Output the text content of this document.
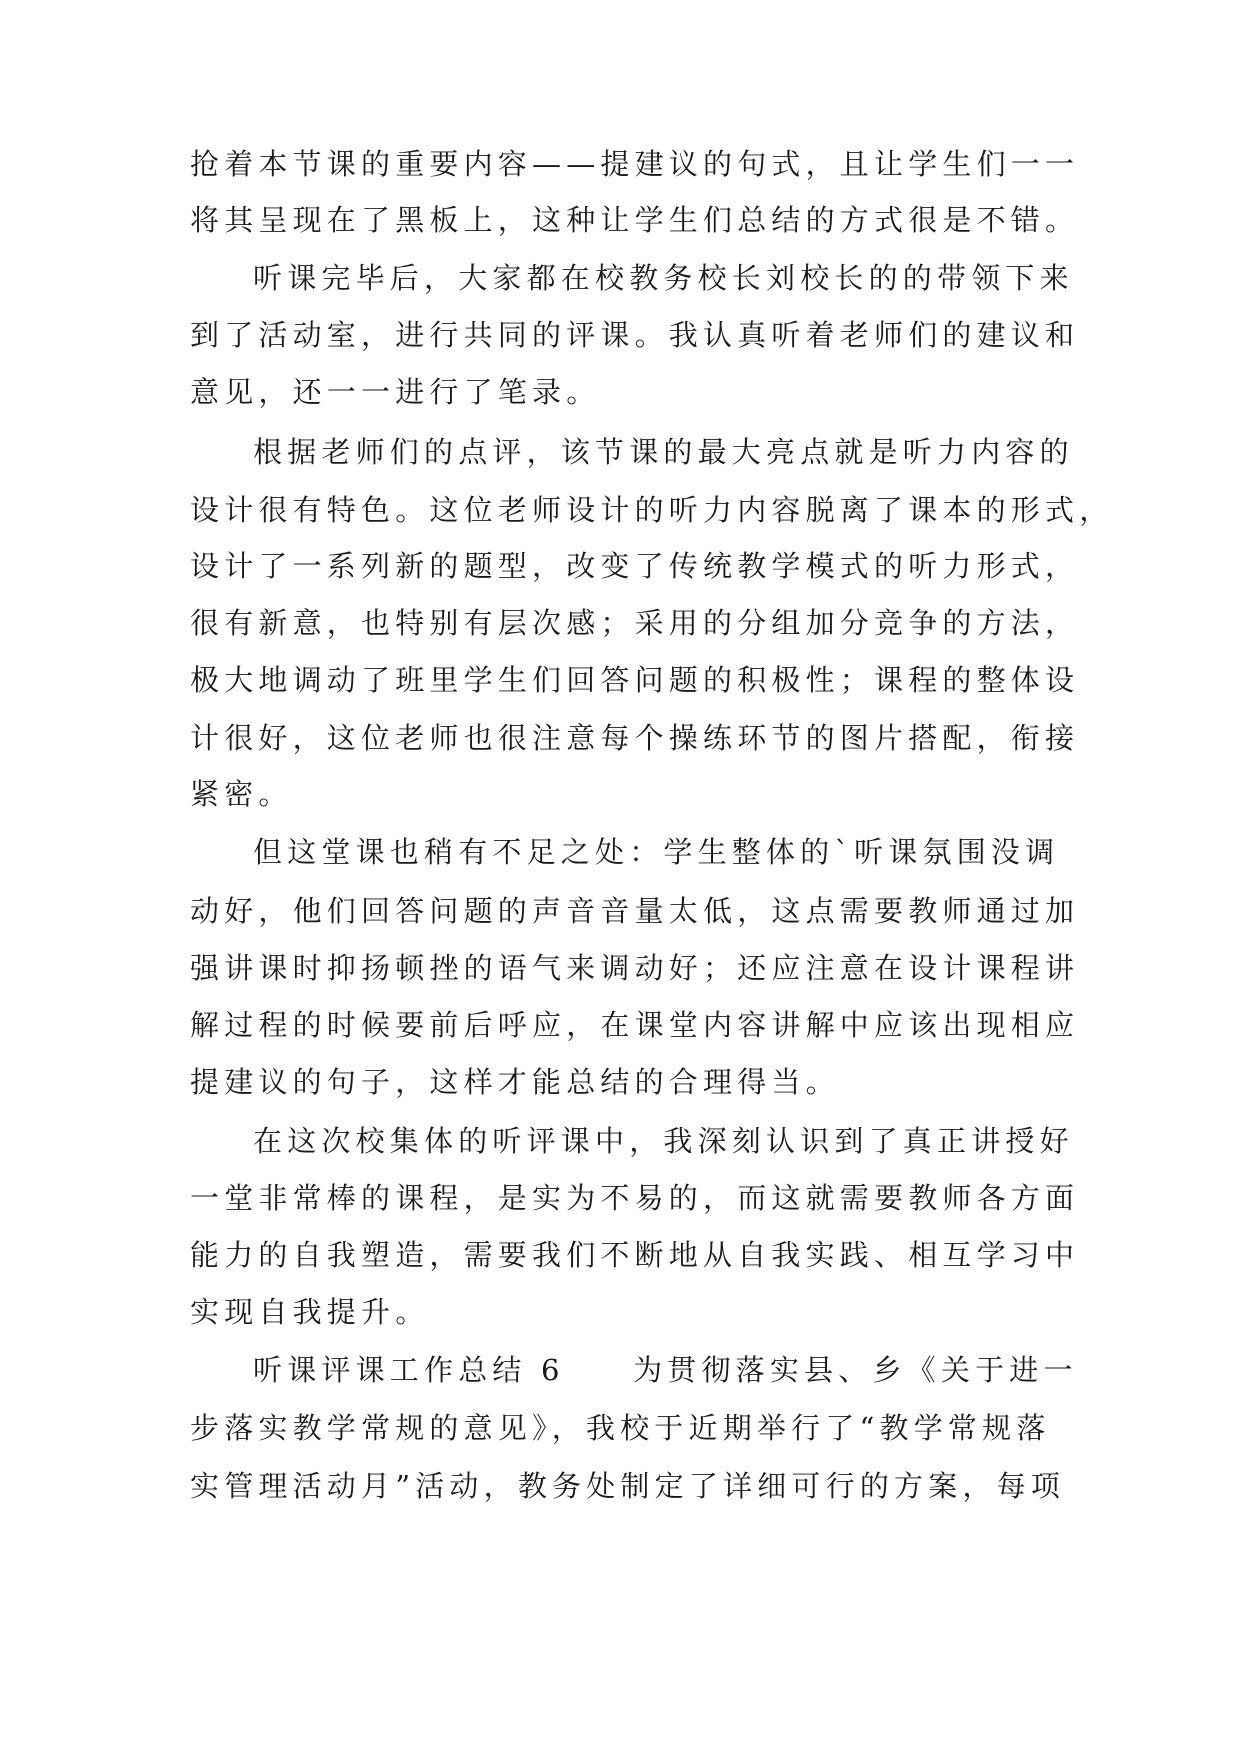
抢着本节课的重要内容——提建议的句式，且让学生们一一
将其呈现在了黑板上，这种让学生们总结的方式很是不错。
听课完毕后，大家都在校教务校长刘校长的的带领下来
到了活动室，进行共同的评课。我认真听着老师们的建议和
意见，还一一进行了笔录。
根据老师们的点评，该节课的最大亮点就是听力内容的
设计很有特色。这位老师设计的听力内容脱离了课本的形式，
设计了一系列新的题型，改变了传统教学模式的听力形式，
很有新意，也特别有层次感；采用的分组加分竞争的方法，
极大地调动了班里学生们回答问题的积极性；课程的整体设
计很好，这位老师也很注意每个操练环节的图片搭配，衔接
紧密。
但这堂课也稍有不足之处：学生整体的`听课氛围没调
动好，他们回答问题的声音音量太低，这点需要教师通过加
强讲课时抑扬顿挫的语气来调动好；还应注意在设计课程讲
解过程的时候要前后呼应，在课堂内容讲解中应该出现相应
提建议的句子，这样才能总结的合理得当。
在这次校集体的听评课中，我深刻认识到了真正讲授好
一堂非常棒的课程，是实为不易的，而这就需要教师各方面
能力的自我塑造，需要我们不断地从自我实践、相互学习中
实现自我提升。
听课评课工作总结 6　　为贯彻落实县、乡《关于进一
步落实教学常规的意见》，我校于近期举行了“教学常规落
实管理活动月”活动，教务处制定了详细可行的方案，每项
